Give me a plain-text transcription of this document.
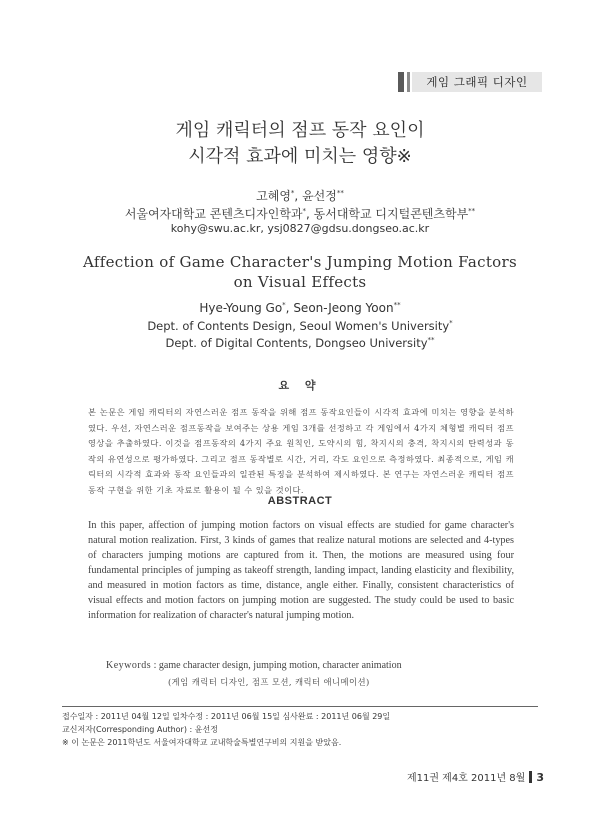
게임 그래픽 디자인
게임 캐릭터의 점프 동작 요인이
시각적 효과에 미치는 영향※
고혜영*, 윤선정**
서울여자대학교 콘텐츠디자인학과*, 동서대학교 디지털콘텐츠학부**
kohy@swu.ac.kr, ysj0827@gdsu.dongseo.ac.kr
Affection of Game Character's Jumping Motion Factors
on Visual Effects
Hye-Young Go*, Seon-Jeong Yoon**
Dept. of Contents Design, Seoul Women's University*
Dept. of Digital Contents, Dongseo University**
요 약
본 논문은 게임 캐릭터의 자연스러운 점프 동작을 위해 점프 동작요인들이 시각적 효과에 미치는 영향을 분석하였다. 우선, 자연스러운 점프동작을 보여주는 상용 게임 3개를 선정하고 각 게임에서 4가지 체형별 캐릭터 점프 영상을 추출하였다. 이것을 점프동작의 4가지 주요 원칙인, 도약시의 힘, 착지시의 충격, 착지시의 탄력성과 동작의 유연성으로 평가하였다. 그리고 점프 동작별로 시간, 거리, 각도 요인으로 측정하였다. 최종적으로, 게임 캐릭터의 시각적 효과와 동작 요인들과의 일관된 특징을 분석하여 제시하였다. 본 연구는 자연스러운 캐릭터 점프 동작 구현을 위한 기초 자료로 활용이 될 수 있을 것이다.
ABSTRACT
In this paper, affection of jumping motion factors on visual effects are studied for game character's natural motion realization. First, 3 kinds of games that realize natural motions are selected and 4-types of characters jumping motions are captured from it. Then, the motions are measured using four fundamental principles of jumping as takeoff strength, landing impact, landing elasticity and flexibility, and measured in motion factors as time, distance, angle either. Finally, consistent characteristics of visual effects and motion factors on jumping motion are suggested. The study could be used to basic information for realization of character's natural jumping motion.
Keywords : game character design, jumping motion, character animation
(게임 캐릭터 디자인, 점프 모션, 캐릭터 애니메이션)
접수일자 : 2011년 04월 12일 일차수정 : 2011년 06월 15일 심사완료 : 2011년 06월 29일
교신저자(Corresponding Author) : 윤선정
※ 이 논문은 2011학년도 서울여자대학교 교내학술특별연구비의 지원을 받았음.
제11권 제4호 2011년 8월 3
